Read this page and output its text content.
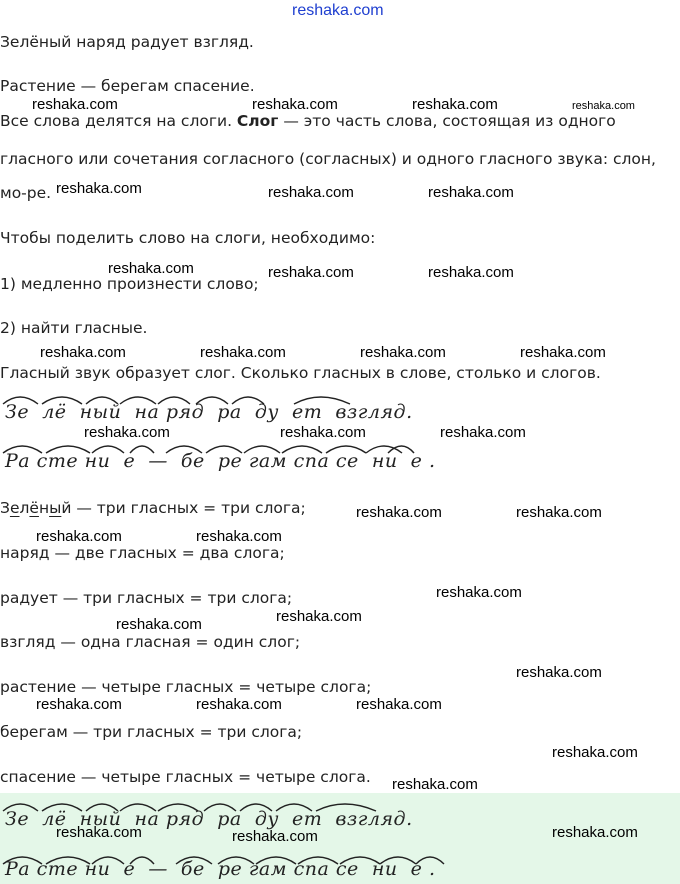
reshaka.com
Зелёный наряд радует взгляд.
Растение — берегам спасение.
Все слова делятся на слоги. Слог — это часть слова, состоящая из одного
гласного или сочетания согласного (согласных) и одного гласного звука: слон,
мо-ре.
Чтобы поделить слово на слоги, необходимо:
1) медленно произнести слово;
2) найти гласные.
Гласный звук образует слог. Сколько гласных в слове, столько и слогов.
Зе лё ный на ряд ра ду ет взгляд.
Ра сте ни е — бе ре гам спа се ни е .
Зелёный — три гласных = три слога;
наряд — две гласных = два слога;
радует — три гласных = три слога;
взгляд — одна гласная = один слог;
растение — четыре гласных = четыре слога;
берегам — три гласных = три слога;
спасение — четыре гласных = четыре слога.
Зе лё ный на ряд ра ду ет взгляд.
Ра сте ни е — бе ре гам спа се ни е .
reshaka.com	reshaka.com	reshaka.com	reshaka.com
reshaka.com	reshaka.com	reshaka.com
reshaka.com	reshaka.com	reshaka.com
reshaka.com	reshaka.com	reshaka.com	reshaka.com
reshaka.com	reshaka.com	reshaka.com
reshaka.com	reshaka.com
reshaka.com	reshaka.com
reshaka.com
reshaka.com
reshaka.com
reshaka.com
reshaka.com	reshaka.com	reshaka.com
reshaka.com
reshaka.com
reshaka.com	reshaka.com	reshaka.com
